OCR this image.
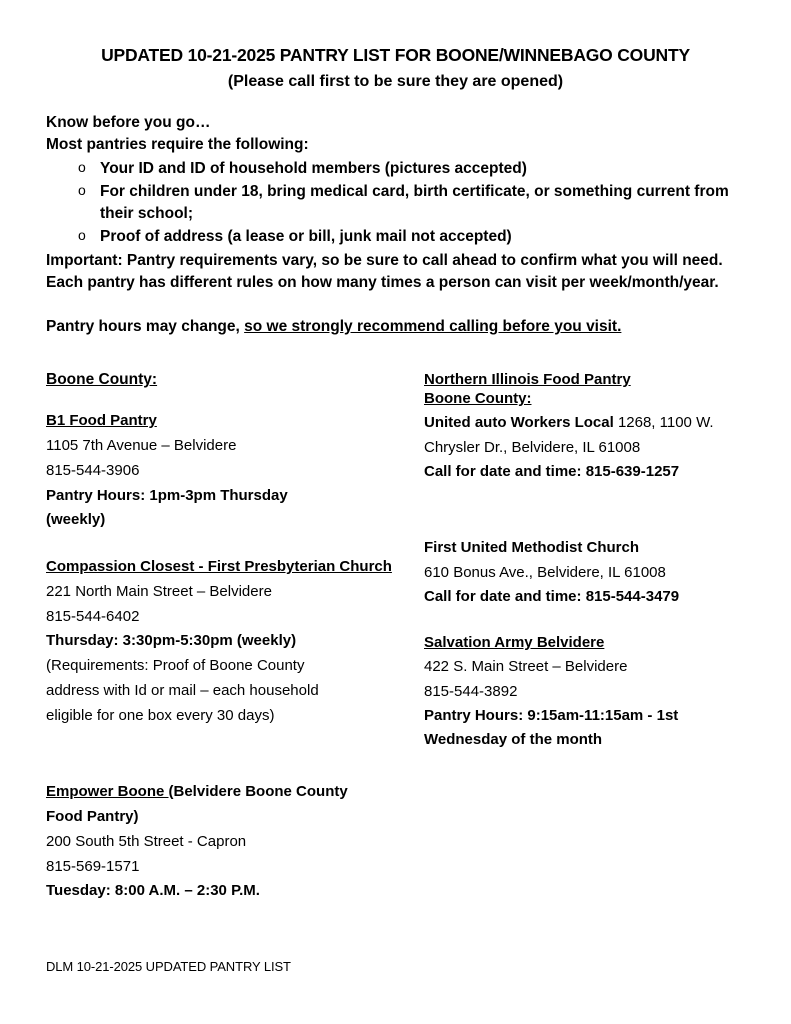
UPDATED 10-21-2025 PANTRY LIST FOR BOONE/WINNEBAGO COUNTY
(Please call first to be sure they are opened)
Know before you go…
Most pantries require the following:
o Your ID and ID of household members (pictures accepted)
o For children under 18, bring medical card, birth certificate, or something current from their school;
o Proof of address (a lease or bill, junk mail not accepted)
Important: Pantry requirements vary, so be sure to call ahead to confirm what you will need. Each pantry has different rules on how many times a person can visit per week/month/year.
Pantry hours may change, so we strongly recommend calling before you visit.
Boone County:
B1 Food Pantry
1105 7th Avenue – Belvidere
815-544-3906
Pantry Hours: 1pm-3pm Thursday
(weekly)
Compassion Closest - First Presbyterian Church
221 North Main Street – Belvidere
815-544-6402
Thursday: 3:30pm-5:30pm (weekly)
(Requirements: Proof of Boone County
address with Id or mail – each household
eligible for one box every 30 days)
Empower Boone (Belvidere Boone County
Food Pantry)
200 South 5th Street - Capron
815-569-1571
Tuesday: 8:00 A.M. – 2:30 P.M.
Northern Illinois Food Pantry
Boone County:
United auto Workers Local 1268, 1100 W.
Chrysler Dr., Belvidere, IL 61008
Call for date and time: 815-639-1257
First United Methodist Church
610 Bonus Ave., Belvidere, IL 61008
Call for date and time: 815-544-3479
Salvation Army Belvidere
422 S. Main Street – Belvidere
815-544-3892
Pantry Hours: 9:15am-11:15am - 1st
Wednesday of the month
DLM 10-21-2025 UPDATED PANTRY LIST
